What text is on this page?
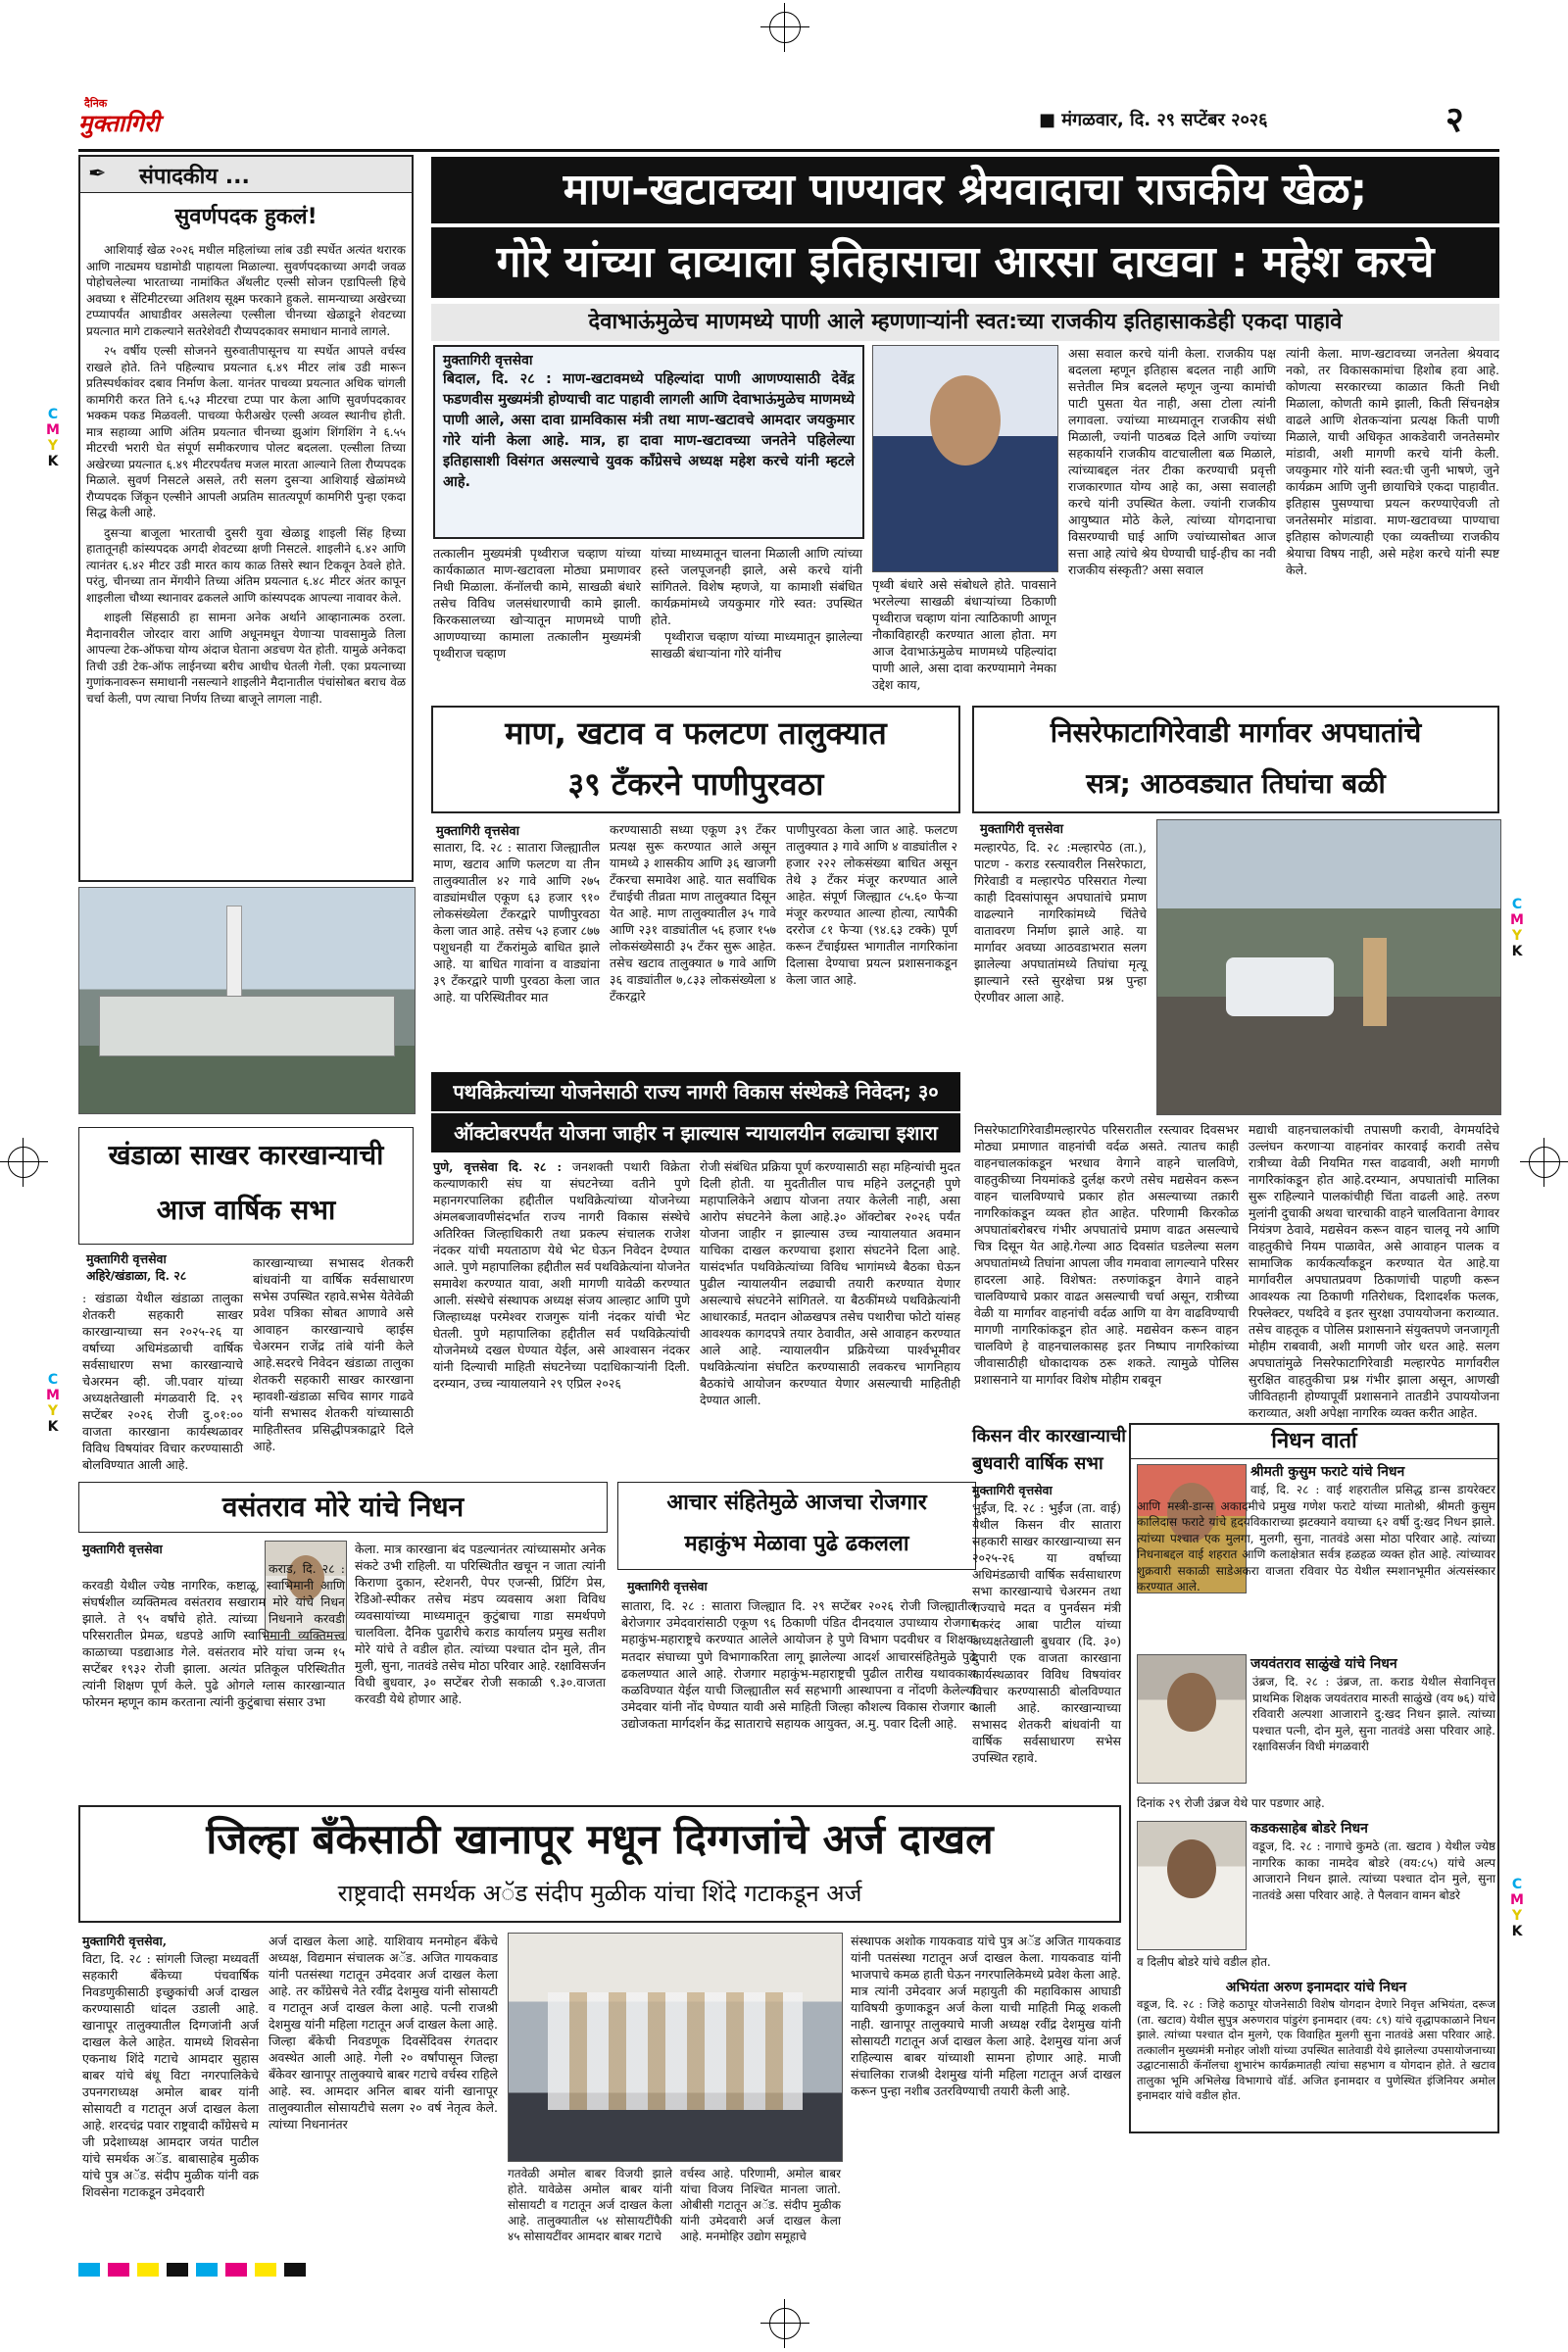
C
M
Y
K
C
M
Y
K
C
M
Y
K
C
M
Y
K
दैनिक
मुक्तागिरी	■ मंगळवार, दि. २९ सप्टेंबर २०२६	२
✒ संपादकीय ...
सुवर्णपदक हुकलं!

आशियाई खेळ २०२६ मधील महिलांच्या लांब उडी स्पर्धेत अत्यंत थरारक आणि नाट्यमय घडामोडी पाहायला मिळाल्या. सुवर्णपदकाच्या अगदी जवळ पोहोचलेल्या भारताच्या नामांकित अँथलीट एल्सी सोजन एडापिल्ली हिचे अवघ्या १ सेंटिमीटरच्या अतिशय सूक्ष्म फरकाने हुकले. सामन्याच्या अखेरच्या टप्प्यापर्यंत आघाडीवर असलेल्या एल्सीला चीनच्या खेळाडूने शेवटच्या प्रयत्नात मागे टाकल्याने सतरेशेवटी रौप्यपदकावर समाधान मानावे लागले.

२५ वर्षीय एल्सी सोजनने सुरुवातीपासूनच या स्पर्धेत आपले वर्चस्व राखले होते. तिने पहिल्याच प्रयत्नात ६.४९ मीटर लांब उडी मारून प्रतिस्पर्धकांवर दबाव निर्माण केला. यानंतर पाचव्या प्रयत्नात अधिक चांगली कामगिरी करत तिने ६.५३ मीटरचा टप्पा पार केला आणि सुवर्णपदकावर भक्कम पकड मिळवली. पाचव्या फेरीअखेर एल्सी अव्वल स्थानीच होती. मात्र सहाव्या आणि अंतिम प्रयत्नात चीनच्या झुआंग शिंगशिंग ने ६.५५ मीटरची भरारी घेत संपूर्ण समीकरणाच पोलट बदलला. एल्सीला तिच्या अखेरच्या प्रयत्नात ६.४९ मीटरपर्यंतच मजल मारता आल्याने तिला रौप्यपदक मिळाले. सुवर्ण निसटले असले, तरी सलग दुसऱ्या आशियाई खेळांमध्ये रौप्यपदक जिंकून एल्सीने आपली अप्रतिम सातत्यपूर्ण कामगिरी पुन्हा एकदा सिद्ध केली आहे.

दुसऱ्या बाजूला भारताची दुसरी युवा खेळाडू शाइली सिंह हिच्या हातातूनही कांस्यपदक अगदी शेवटच्या क्षणी निसटले. शाइलीने ६.४२ आणि त्यानंतर ६.४२ मीटर उडी मारत काय काळ तिसरे स्थान टिकवून ठेवले होते. परंतु, चीनच्या तान मेंगयीने तिच्या अंतिम प्रयत्नात ६.४८ मीटर अंतर कापून शाइलीला चौथ्या स्थानावर ढकलले आणि कांस्यपदक आपल्या नावावर केले.

शाइली सिंहसाठी हा सामना अनेक अर्थाने आव्हानात्मक ठरला. मैदानावरील जोरदार वारा आणि अधूनमधून येणाऱ्या पावसामुळे तिला आपल्या टेक-ऑफचा योग्य अंदाज घेताना अडचण येत होती. यामुळे अनेकदा तिची उडी टेक-ऑफ लाईनच्या बरीच आधीच घेतली गेली. एका प्रयत्नाच्या गुणांकनावरून समाधानी नसल्याने शाइलीने मैदानातील पंचांसोबत बराच वेळ चर्चा केली, पण त्याचा निर्णय तिच्या बाजूने लागला नाही.

माण-खटावच्या पाण्यावर श्रेयवादाचा राजकीय खेळ;
गोरे यांच्या दाव्याला इतिहासाचा आरसा दाखवा : महेश करचे
देवाभाऊंमुळेच माणमध्ये पाणी आले म्हणणाऱ्यांनी स्वत:च्या राजकीय इतिहासाकडेही एकदा पाहावे
मुक्तागिरी वृत्तसेवा
बिदाल, दि. २८ : माण-खटावमध्ये पहिल्यांदा पाणी आणण्यासाठी देवेंद्र फडणवीस मुख्यमंत्री होण्याची वाट पाहावी लागली आणि देवाभाऊंमुळेच माणमध्ये पाणी आले, असा दावा ग्रामविकास मंत्री तथा माण-खटावचे आमदार जयकुमार गोरे यांनी केला आहे. मात्र, हा दावा माण-खटावच्या जनतेने पहिलेल्या इतिहासाशी विसंगत असल्याचे युवक काँग्रेसचे अध्यक्ष महेश करचे यांनी म्हटले आहे.
तत्कालीन मुख्यमंत्री पृथ्वीराज चव्हाण यांच्या कार्यकाळात माण-खटावला मोठ्या प्रमाणावर निधी मिळाला. कॅनॉलची कामे, साखळी बंधारे तसेच विविध जलसंधारणाची कामे झाली. किरकसालच्या खोऱ्यातून माणमध्ये पाणी आणण्याच्या कामाला तत्कालीन मुख्यमंत्री पृथ्वीराज चव्हाण
यांच्या माध्यमातून चालना मिळाली आणि त्यांच्या हस्ते जलपूजनही झाले, असे करचे यांनी सांगितले. विशेष म्हणजे, या कामाशी संबंधित कार्यक्रमांमध्ये जयकुमार गोरे स्वत: उपस्थित होते.
पृथ्वीराज चव्हाण यांच्या माध्यमातून झालेल्या साखळी बंधाऱ्यांना गोरे यांनीच
पृथ्वी बंधारे असे संबोधले होते. पावसाने भरलेल्या साखळी बंधाऱ्यांच्या ठिकाणी पृथ्वीराज चव्हाण यांना त्याठिकाणी आणून नौकाविहारही करण्यात आला होता. मग आज देवाभाऊंमुळेच माणमध्ये पहिल्यांदा पाणी आले, असा दावा करण्यामागे नेमका उद्देश काय,
असा सवाल करचे यांनी केला. राजकीय पक्ष बदलला म्हणून इतिहास बदलत नाही आणि सत्तेतील मित्र बदलले म्हणून जुन्या कामांची पाटी पुसता येत नाही, असा टोला त्यांनी लगावला. ज्यांच्या माध्यमातून राजकीय संधी मिळाली, ज्यांनी पाठबळ दिले आणि ज्यांच्या सहकार्याने राजकीय वाटचालीला बळ मिळाले, त्यांच्याबद्दल नंतर टीका करण्याची प्रवृत्ती राजकारणात योग्य आहे का, असा सवालही करचे यांनी उपस्थित केला. ज्यांनी राजकीय आयुष्यात मोठे केले, त्यांच्या योगदानाचा विसरण्याची घाई आणि ज्यांच्यासोबत आज सत्ता आहे त्यांचे श्रेय घेण्याची घाई-हीच का नवी राजकीय संस्कृती? असा सवाल
त्यांनी केला. माण-खटावच्या जनतेला श्रेयवाद नको, तर विकासकामांचा हिशोब हवा आहे. कोणत्या सरकारच्या काळात किती निधी मिळाला, कोणती कामे झाली, किती सिंचनक्षेत्र वाढले आणि शेतकऱ्यांना प्रत्यक्ष किती पाणी मिळाले, याची अधिकृत आकडेवारी जनतेसमोर मांडावी, अशी मागणी करचे यांनी केली. जयकुमार गोरे यांनी स्वत:ची जुनी भाषणे, जुने कार्यक्रम आणि जुनी छायाचित्रे एकदा पाहावीत. इतिहास पुसण्याचा प्रयत्न करण्याऐवजी तो जनतेसमोर मांडावा. माण-खटावच्या पाण्याचा इतिहास कोणत्याही एका व्यक्तीच्या राजकीय श्रेयाचा विषय नाही, असे महेश करचे यांनी स्पष्ट केले.
माण, खटाव व फलटण तालुक्यात
३९ टँकरने पाणीपुरवठा
मुक्तागिरी वृत्तसेवा
सातारा, दि. २८ : सातारा जिल्ह्यातील माण, खटाव आणि फलटण या तीन तालुक्यातील ४२ गावे आणि २७५ वाड्यांमधील एकूण ६३ हजार ९१० लोकसंख्येला टँकरद्वारे पाणीपुरवठा केला जात आहे. तसेच ५३ हजार ८७७ पशुधनही या टँकरांमुळे बाधित झाले आहे. या बाधित गावांना व वाड्यांना ३९ टँकरद्वारे पाणी पुरवठा केला जात आहे. या परिस्थितीवर मात
करण्यासाठी सध्या एकूण ३९ टँकर प्रत्यक्ष सुरू करण्यात आले असून यामध्ये ३ शासकीय आणि ३६ खाजगी टँकरचा समावेश आहे. यात सर्वाधिक टँचाईची तीव्रता माण तालुक्यात दिसून येत आहे. माण तालुक्यातील ३५ गावे आणि २३१ वाड्यांतील ५६ हजार १५७ लोकसंख्येसाठी ३५ टँकर सुरू आहेत. तसेच खटाव तालुक्यात ७ गावे आणि ३६ वाड्यांतील ७,८३३ लोकसंख्येला ४ टँकरद्वारे
पाणीपुरवठा केला जात आहे. फलटण तालुक्यात ३ गावे आणि ४ वाड्यांतील २ हजार २२२ लोकसंख्या बाधित असून तेथे ३ टँकर मंजूर करण्यात आले आहेत. संपूर्ण जिल्ह्यात ८५.६० फेऱ्या मंजूर करण्यात आल्या होत्या, त्यापैकी दररोज ८१ फेऱ्या (९४.६३ टक्के) पूर्ण करून टँचाईग्रस्त भागातील नागरिकांना दिलासा देण्याचा प्रयत्न प्रशासनाकडून केला जात आहे.
पथविक्रेत्यांच्या योजनेसाठी राज्य नागरी विकास संस्थेकडे निवेदन; ३०
ऑक्टोबरपर्यंत योजना जाहीर न झाल्यास न्यायालयीन लढ्याचा इशारा
पुणे, वृत्तसेवा दि. २८ : जनशक्ती पथारी विक्रेता कल्याणकारी संघ या संघटनेच्या वतीने पुणे महानगरपालिका हद्दीतील पथविक्रेत्यांच्या योजनेच्या अंमलबजावणीसंदर्भात राज्य नागरी विकास संस्थेचे अतिरिक्त जिल्हाधिकारी तथा प्रकल्प संचालक राजेश नंदकर यांची मयताठाण येथे भेट घेऊन निवेदन देण्यात आले. पुणे महापालिका हद्दीतील सर्व पथविक्रेत्यांना योजनेत समावेश करण्यात यावा, अशी मागणी यावेळी करण्यात आली. संस्थेचे संस्थापक अध्यक्ष संजय आल्हाट आणि पुणे जिल्हाध्यक्ष परमेश्वर राजगुरू यांनी नंदकर यांची भेट घेतली. पुणे महापालिका हद्दीतील सर्व पथविक्रेत्यांची योजनेमध्ये दखल घेण्यात येईल, असे आश्वासन नंदकर यांनी दिल्याची माहिती संघटनेच्या पदाधिकाऱ्यांनी दिली. दरम्यान, उच्च न्यायालयाने २९ एप्रिल २०२६
रोजी संबंधित प्रक्रिया पूर्ण करण्यासाठी सहा महिन्यांची मुदत दिली होती. या मुदतीतील पाच महिने उलटूनही पुणे महापालिकेने अद्याप योजना तयार केलेली नाही, असा आरोप संघटनेने केला आहे.३० ऑक्टोबर २०२६ पर्यंत योजना जाहीर न झाल्यास उच्च न्यायालयात अवमान याचिका दाखल करण्याचा इशारा संघटनेने दिला आहे. यासंदर्भात पथविक्रेत्यांच्या विविध भागांमध्ये बैठका घेऊन पुढील न्यायालयीन लढ्याची तयारी करण्यात येणार असल्याचे संघटनेने सांगितले. या बैठकींमध्ये पथविक्रेत्यांनी आधारकार्ड, मतदान ओळखपत्र तसेच पथारीचा फोटो यांसह आवश्यक कागदपत्रे तयार ठेवावीत, असे आवाहन करण्यात आले आहे. न्यायालयीन प्रक्रियेच्या पार्श्वभूमीवर पथविक्रेत्यांना संघटित करण्यासाठी लवकरच भागनिहाय बैठकांचे आयोजन करण्यात येणार असल्याची माहितीही देण्यात आली.
निसरेफाटागिरेवाडी मार्गावर अपघातांचे
सत्र; आठवड्यात तिघांचा बळी
मुक्तागिरी वृत्तसेवा
मल्हारपेठ, दि. २८ :मल्हारपेठ (ता.), पाटण - कराड रस्त्यावरील निसरेफाटा, गिरेवाडी व मल्हारपेठ परिसरात गेल्या काही दिवसांपासून अपघातांचे प्रमाण वाढल्याने नागरिकांमध्ये चिंतेचे वातावरण निर्माण झाले आहे. या मार्गावर अवघ्या आठवडाभरात सलग झालेल्या अपघातांमध्ये तिघांचा मृत्यू झाल्याने रस्ते सुरक्षेचा प्रश्न पुन्हा ऐरणीवर आला आहे.
निसरेफाटागिरेवाडीमल्हारपेठ परिसरातील रस्त्यावर दिवसभर मोठ्या प्रमाणात वाहनांची वर्दळ असते. त्यातच काही वाहनचालकांकडून भरधाव वेगाने वाहने चालविणे, वाहतुकीच्या नियमांकडे दुर्लक्ष करणे तसेच मद्यसेवन करून वाहन चालविण्याचे प्रकार होत असल्याच्या तक्रारी नागरिकांकडून व्यक्त होत आहेत. परिणामी किरकोळ अपघातांबरोबरच गंभीर अपघातांचे प्रमाण वाढत असल्याचे चित्र दिसून येत आहे.गेल्या आठ दिवसांत घडलेल्या सलग अपघातांमध्ये तिघांना आपला जीव गमवावा लागल्याने परिसर हादरला आहे. विशेषत: तरुणांकडून वेगाने वाहने चालविण्याचे प्रकार वाढत असल्याची चर्चा असून, रात्रीच्या वेळी या मार्गावर वाहनांची वर्दळ आणि या वेग वाढविण्याची मागणी नागरिकांकडून होत आहे. मद्यसेवन करून वाहन चालविणे हे वाहनचालकासह इतर निष्पाप नागरिकांच्या जीवासाठीही धोकादायक ठरू शकते. त्यामुळे पोलिस प्रशासनाने या मार्गावर विशेष मोहीम राबवून
मद्याधी वाहनचालकांची तपासणी करावी, वेगमर्यादेचे उल्लंघन करणाऱ्या वाहनांवर कारवाई करावी तसेच रात्रीच्या वेळी नियमित गस्त वाढवावी, अशी मागणी नागरिकांकडून होत आहे.दरम्यान, अपघातांची मालिका सुरू राहिल्याने पालकांचीही चिंता वाढली आहे. तरुण मुलांनी दुचाकी अथवा चारचाकी वाहने चालविताना वेगावर नियंत्रण ठेवावे, मद्यसेवन करून वाहन चालवू नये आणि वाहतुकीचे नियम पाळावेत, असे आवाहन पालक व सामाजिक कार्यकर्त्यांकडून करण्यात येत आहे.या मार्गावरील अपघातप्रवण ठिकाणांची पाहणी करून आवश्यक त्या ठिकाणी गतिरोधक, दिशादर्शक फलक, रिफ्लेक्टर, पथदिवे व इतर सुरक्षा उपाययोजना कराव्यात. तसेच वाहतूक व पोलिस प्रशासनाने संयुक्तपणे जनजागृती मोहीम राबवावी, अशी मागणी जोर धरत आहे. सलग अपघातांमुळे निसरेफाटागिरेवाडी मल्हारपेठ मार्गावरील सुरक्षित वाहतुकीचा प्रश्न गंभीर झाला असून, आणखी जीवितहानी होण्यापूर्वी प्रशासनाने तातडीने उपाययोजना कराव्यात, अशी अपेक्षा नागरिक व्यक्त करीत आहेत.
खंडाळा साखर कारखान्याची
आज वार्षिक सभा
मुक्तागिरी वृत्तसेवा
अहिरे/खंडाळा, दि. २८
: खंडाळा येथील खंडाळा तालुका शेतकरी सहकारी साखर कारखान्याच्या सन २०२५-२६ या वर्षाच्या अधिमंडळाची वार्षिक सर्वसाधारण सभा कारखान्याचे चेअरमन व्ही. जी.पवार यांच्या अध्यक्षतेखाली मंगळवारी दि. २९ सप्टेंबर २०२६ रोजी दु.०१:०० वाजता कारखाना कार्यस्थळावर विविध विषयांवर विचार करण्यासाठी बोलविण्यात आली आहे.
कारखान्याच्या सभासद शेतकरी बांधवांनी या वार्षिक सर्वसाधारण सभेस उपस्थित रहावे.सभेस येतेवेळी प्रवेश पत्रिका सोबत आणावे असे आवाहन कारखान्याचे व्हाईस चेअरमन राजेंद्र तांबे यांनी केले आहे.सदरचे निवेदन खंडाळा तालुका शेतकरी सहकारी साखर कारखाना म्हावशी-खंडाळा सचिव सागर गाढवे यांनी सभासद शेतकरी यांच्यासाठी माहितीस्तव प्रसिद्धीपत्रकाद्वारे दिले आहे.
वसंतराव मोरे यांचे निधन
मुक्तागिरी वृत्तसेवा
कराड, दि. २८ : करवडी येथील ज्येष्ठ नागरिक, कष्टाळू, स्वाभिमानी आणि संघर्षशील व्यक्तिमत्व वसंतराव सखाराम मोरे यांचे निधन झाले. ते ९५ वर्षांचे होते. त्यांच्या निधनाने करवडी परिसरातील प्रेमळ, धडपडे आणि स्वाभिमानी व्यक्तिमत्त्व काळाच्या पडद्याआड गेले. वसंतराव मोरे यांचा जन्म १५ सप्टेंबर १९३२ रोजी झाला. अत्यंत प्रतिकूल परिस्थितीत त्यांनी शिक्षण पूर्ण केले. पुढे ओगले ग्लास कारखान्यात फोरमन म्हणून काम करताना त्यांनी कुटुंबाचा संसार उभा
केला. मात्र कारखाना बंद पडल्यानंतर त्यांच्यासमोर अनेक संकटे उभी राहिली. या परिस्थितीत खचून न जाता त्यांनी किराणा दुकान, स्टेशनरी, पेपर एजन्सी, प्रिंटिंग प्रेस, रेडिओ-स्पीकर तसेच मंडप व्यवसाय अशा विविध व्यवसायांच्या माध्यमातून कुटुंबाचा गाडा समर्थपणे चालविला. दैनिक पुढारीचे कराड कार्यालय प्रमुख सतीश मोरे यांचे ते वडील होत. त्यांच्या पश्चात दोन मुले, तीन मुली, सुना, नातवंडे तसेच मोठा परिवार आहे. रक्षाविसर्जन विधी बुधवार, ३० सप्टेंबर रोजी सकाळी ९.३०.वाजता करवडी येथे होणार आहे.
आचार संहितेमुळे आजचा रोजगार
महाकुंभ मेळावा पुढे ढकलला
मुक्तागिरी वृत्तसेवा
सातारा, दि. २८ : सातारा जिल्ह्यात दि. २९ सप्टेंबर २०२६ रोजी जिल्ह्यातील बेरोजगार उमेदवारांसाठी एकूण ९६ ठिकाणी पंडित दीनदयाल उपाध्याय रोजगार महाकुंभ-महाराष्ट्रचे करण्यात आलेले आयोजन हे पुणे विभाग पदवीधर व शिक्षक मतदार संघाच्या पुणे विभागाकरिता लागू झालेल्या आदर्श आचारसंहितेमुळे पुढे ढकलण्यात आले आहे. रोजगार महाकुंभ-महाराष्ट्रची पुढील तारीख यथावकाश कळविण्यात येईल याची जिल्ह्यातील सर्व सहभागी आस्थापना व नोंदणी केलेल्या उमेदवार यांनी नोंद घेण्यात यावी असे माहिती जिल्हा कौशल्य विकास रोजगार व उद्योजकता मार्गदर्शन केंद्र साताराचे सहायक आयुक्त, अ.मु. पवार दिली आहे.
किसन वीर कारखान्याची
बुधवारी वार्षिक सभा
मुक्तागिरी वृत्तसेवा
भुईंज, दि. २८ : भुईंज (ता. वाई) येथील किसन वीर सातारा सहकारी साखर कारखान्याच्या सन २०२५-२६ या वर्षाच्या अधिमंडळाची वार्षिक सर्वसाधारण सभा कारखान्याचे चेअरमन तथा राज्याचे मदत व पुनर्वसन मंत्री मकरंद आबा पाटील यांच्या अध्यक्षतेखाली बुधवार (दि. ३०) दुपारी एक वाजता कारखाना कार्यस्थळावर विविध विषयांवर विचार करण्यासाठी बोलविण्यात आली आहे. कारखान्याच्या सभासद शेतकरी बांधवांनी या वार्षिक सर्वसाधारण सभेस उपस्थित रहावे.
निधन वार्ता
श्रीमती कुसुम फराटे यांचे निधन
वाई, दि. २८ : वाई शहरातील प्रसिद्ध डान्स डायरेक्टर आणि मस्त्री-डान्स अकादमीचे प्रमुख गणेश फराटे यांच्या मातोश्री, श्रीमती कुसुम कालिदास फराटे यांचे हृदयविकाराच्या झटक्याने वयाच्या ६२ वर्षी दु:खद निधन झाले. त्यांच्या पश्चात एक मुलगा, मुलगी, सुना, नातवंडे असा मोठा परिवार आहे. त्यांच्या निधनाबद्दल वाई शहरात आणि कलाक्षेत्रात सर्वत्र हळहळ व्यक्त होत आहे. त्यांच्यावर शुक्रवारी सकाळी साडेअकरा वाजता रविवार पेठ येथील स्मशानभूमीत अंत्यसंस्कार करण्यात आले.
जयवंतराव साळुंखे यांचे निधन
उंब्रज, दि. २८ : उंब्रज, ता. कराड येथील सेवानिवृत्त प्राथमिक शिक्षक जयवंतराव मारुती साळुंखे (वय ७६) यांचे रविवारी अल्पशा आजाराने दु:खद निधन झाले. त्यांच्या पश्चात पत्नी, दोन मुले, सुना नातवंडे असा परिवार आहे. रक्षाविसर्जन विधी मंगळवारी
दिनांक २९ रोजी उंब्रज येथे पार पडणार आहे.
कडकसाहेब बोडरे निधन
वडूज, दि. २८ : नागाचे कुमठे (ता. खटाव ) येथील ज्येष्ठ नागरिक काका नामदेव बोडरे (वय:८५) यांचे अल्प आजाराने निधन झाले. त्यांच्या पश्चात दोन मुले, सुना नातवंडे असा परिवार आहे. ते पैलवान वामन बोडरे
व दिलीप बोडरे यांचे वडील होत.
अभियंता अरुण इनामदार यांचे निधन
वडूज, दि. २८ : जिहे कठापूर योजनेसाठी विशेष योगदान देणारे निवृत्त अभियंता, दरूज (ता. खटाव) येथील सुपुत्र अरुणराव पांडुरंग इनामदार (वय: ८९) यांचे वृद्धापकाळाने निधन झाले. त्यांच्या पश्चात दोन मुलगे, एक विवाहित मुलगी सुना नातवंडे असा परिवार आहे. तत्कालीन मुख्यमंत्री मनोहर जोशी यांच्या उपस्थित सातेवाडी येथे झालेल्या उपसायोजनाच्या उद्घाटनासाठी कॅनॉलचा शुभारंभ कार्यक्रमातही त्यांचा सहभाग व योगदान होते. ते खटाव तालुका भूमि अभिलेख विभागाचे वॉर्ड. अजित इनामदार व पुणेस्थित इंजिनियर अमोल इनामदार यांचे वडील होत.
जिल्हा बँकेसाठी खानापूर मधून दिग्गजांचे अर्ज दाखल
राष्ट्रवादी समर्थक अॅड संदीप मुळीक यांचा शिंदे गटाकडून अर्ज
मुक्तागिरी वृत्तसेवा,
विटा, दि. २८ : सांगली जिल्हा मध्यवर्ती सहकारी बँकेच्या पंचवार्षिक निवडणुकीसाठी इच्छुकांची अर्ज दाखल करण्यासाठी धांदल उडाली आहे. खानापूर तालुक्यातील दिग्गजांनी अर्ज दाखल केले आहेत. यामध्ये शिवसेना एकनाथ शिंदे गटाचे आमदार सुहास बाबर यांचे बंधू विटा नगरपालिकेचे उपनगराध्यक्ष अमोल बाबर यांनी सोसायटी व गटातून अर्ज दाखल केला आहे. शरदचंद्र पवार राष्ट्रवादी काँग्रेसचे म जी प्रदेशाध्यक्ष आमदार जयंत पाटील यांचे समर्थक अॅड. बाबासाहेब मुळीक यांचे पुत्र अॅड. संदीप मुळीक यांनी वक्र शिवसेना गटाकडून उमेदवारी
अर्ज दाखल केला आहे. याशिवाय मनमोहन बँकेचे अध्यक्ष, विद्यमान संचालक अॅड. अजित गायकवाड यांनी पतसंस्था गटातून उमेदवार अर्ज दाखल केला आहे. तर काँग्रेसचे नेते रवींद्र देशमुख यांनी सोसायटी व गटातून अर्ज दाखल केला आहे. पत्नी राजश्री देशमुख यांनी महिला गटातून अर्ज दाखल केला आहे. जिल्हा बँकेची निवडणूक दिवसेंदिवस रंगतदार अवस्थेत आली आहे. गेली २० वर्षांपासून जिल्हा बँकेवर खानापूर तालुक्याचे बाबर गटाचे वर्चस्व राहिले आहे. स्व. आमदार अनिल बाबर यांनी खानापूर तालुक्यातील सोसायटीचे सलग २० वर्ष नेतृत्व केले. त्यांच्या निधनानंतर
गतवेळी अमोल बाबर विजयी झाले होते. यावेळेस अमोल बाबर यांनी सोसायटी व गटातून अर्ज दाखल केला आहे. तालुक्यातील ५४ सोसायटींपैकी ४५ सोसायटींवर आमदार बाबर गटाचे
वर्चस्व आहे. परिणामी, अमोल बाबर यांचा विजय निश्चित मानला जातो. ओबीसी गटातून अॅड. संदीप मुळीक यांनी उमेदवारी अर्ज दाखल केला आहे. मनमोहिर उद्योग समूहाचे
संस्थापक अशोक गायकवाड यांचे पुत्र अॅड अजित गायकवाड यांनी पतसंस्था गटातून अर्ज दाखल केला. गायकवाड यांनी भाजपाचे कमळ हाती घेऊन नगरपालिकेमध्ये प्रवेश केला आहे. मात्र त्यांनी उमेदवार अर्ज महायुती की महाविकास आघाडी याविषयी कुणाकडून अर्ज केला याची माहिती मिळू शकली नाही. खानापूर तालुक्याचे माजी अध्यक्ष रवींद्र देशमुख यांनी सोसायटी गटातून अर्ज दाखल केला आहे. देशमुख यांना अर्ज राहिल्यास बाबर यांच्याशी सामना होणार आहे. माजी संचालिका राजश्री देशमुख यांनी महिला गटातून अर्ज दाखल करून पुन्हा नशीब उतरविण्याची तयारी केली आहे.
